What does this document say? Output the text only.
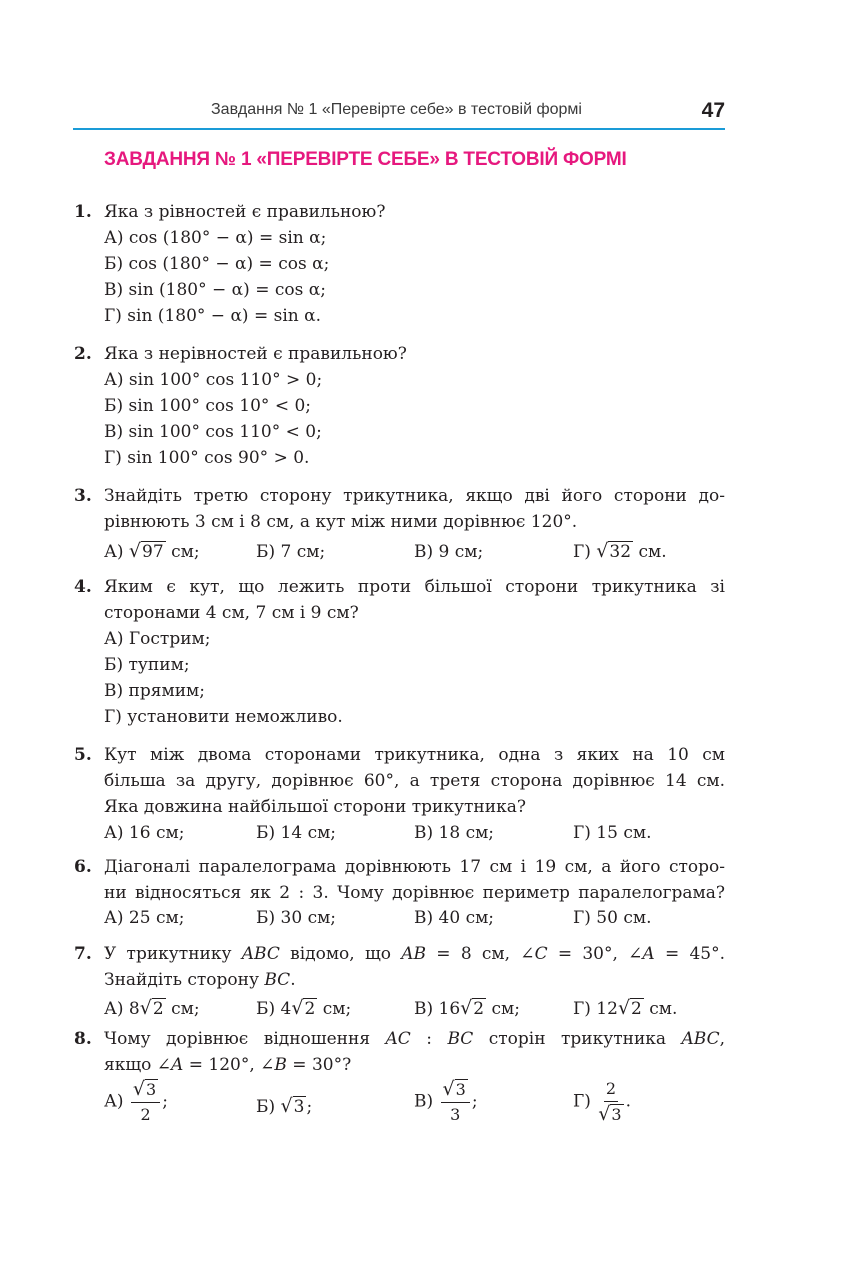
Завдання № 1 «Перевірте себе» в тестовій формі	47
ЗАВДАННЯ № 1 «ПЕРЕВІРТЕ СЕБЕ» В ТЕСТОВІЙ ФОРМІ
1. Яка з рівностей є правильною?
А) cos (180° − α) = sin α;
Б) cos (180° − α) = cos α;
В) sin (180° − α) = cos α;
Г) sin (180° − α) = sin α.
2. Яка з нерівностей є правильною?
А) sin 100° cos 110° > 0;
Б) sin 100° cos 10° < 0;
В) sin 100° cos 110° < 0;
Г) sin 100° cos 90° > 0.
3. Знайдіть третю сторону трикутника, якщо дві його сторони до-
рівнюють 3 см і 8 см, а кут між ними дорівнює 120°.
А) √97 см;	Б) 7 см;	В) 9 см;	Г) √32 см.
4. Яким є кут, що лежить проти більшої сторони трикутника зі
сторонами 4 см, 7 см і 9 см?
А) Гострим;
Б) тупим;
В) прямим;
Г) установити неможливо.
5. Кут між двома сторонами трикутника, одна з яких на 10 см
більша за другу, дорівнює 60°, а третя сторона дорівнює 14 см.
Яка довжина найбільшої сторони трикутника?
А) 16 см;	Б) 14 см;	В) 18 см;	Г) 15 см.
6. Діагоналі паралелограма дорівнюють 17 см і 19 см, а його сторо-
ни відносяться як 2 : 3. Чому дорівнює периметр паралелограма?
А) 25 см;	Б) 30 см;	В) 40 см;	Г) 50 см.
7. У трикутнику ABC відомо, що AB = 8 см, ∠C = 30°, ∠A = 45°.
Знайдіть сторону BC.
А) 8√2 см;	Б) 4√2 см;	В) 16√2 см;	Г) 12√2 см.
8. Чому дорівнює відношення AC : BC сторін трикутника ABC,
якщо ∠A = 120°, ∠B = 30°?
$А) \frac{√3}{2}$ ;	Б) √3 ;	$В) \frac{√3}{3}$ ;	$Г) \frac{2}{√3}$ .
